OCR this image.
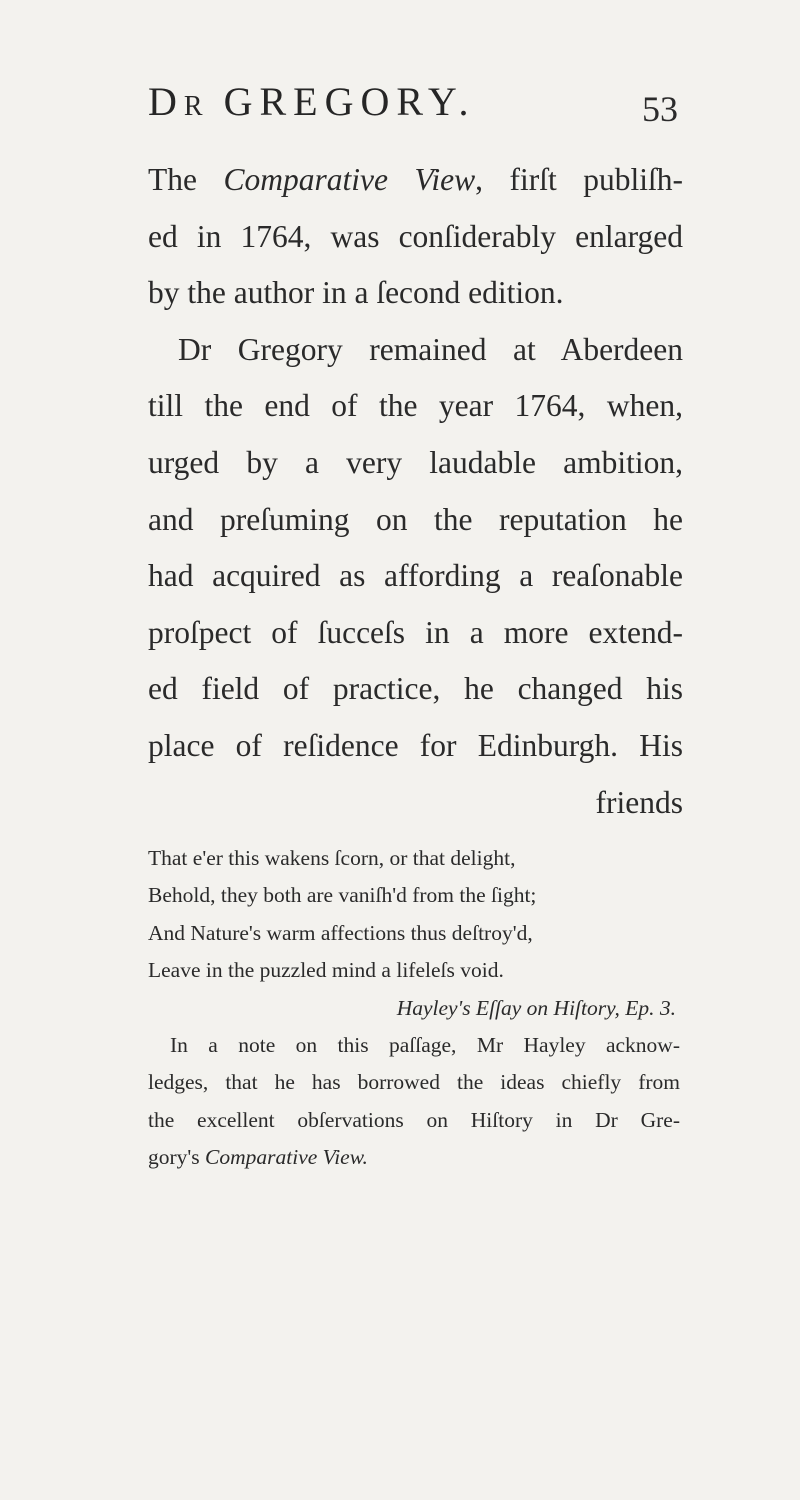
DR GREGORY.	53
The Comparative View, firſt publiſh-
ed in 1764, was conſiderably enlarged
by the author in a ſecond edition.
Dr Gregory remained at Aberdeen
till the end of the year 1764, when,
urged by a very laudable ambition,
and preſuming on the reputation he
had acquired as affording a reaſonable
proſpect of ſucceſs in a more extend-
ed field of practice, he changed his
place of reſidence for Edinburgh. His
friends
That e'er this wakens ſcorn, or that delight,
Behold, they both are vaniſh'd from the ſight;
And Nature's warm affections thus deſtroy'd,
Leave in the puzzled mind a lifeleſs void.
Hayley's Eſſay on Hiſtory, Ep. 3.
In a note on this paſſage, Mr Hayley acknow-
ledges, that he has borrowed the ideas chiefly from
the excellent obſervations on Hiſtory in Dr Gre-
gory's Comparative View.
